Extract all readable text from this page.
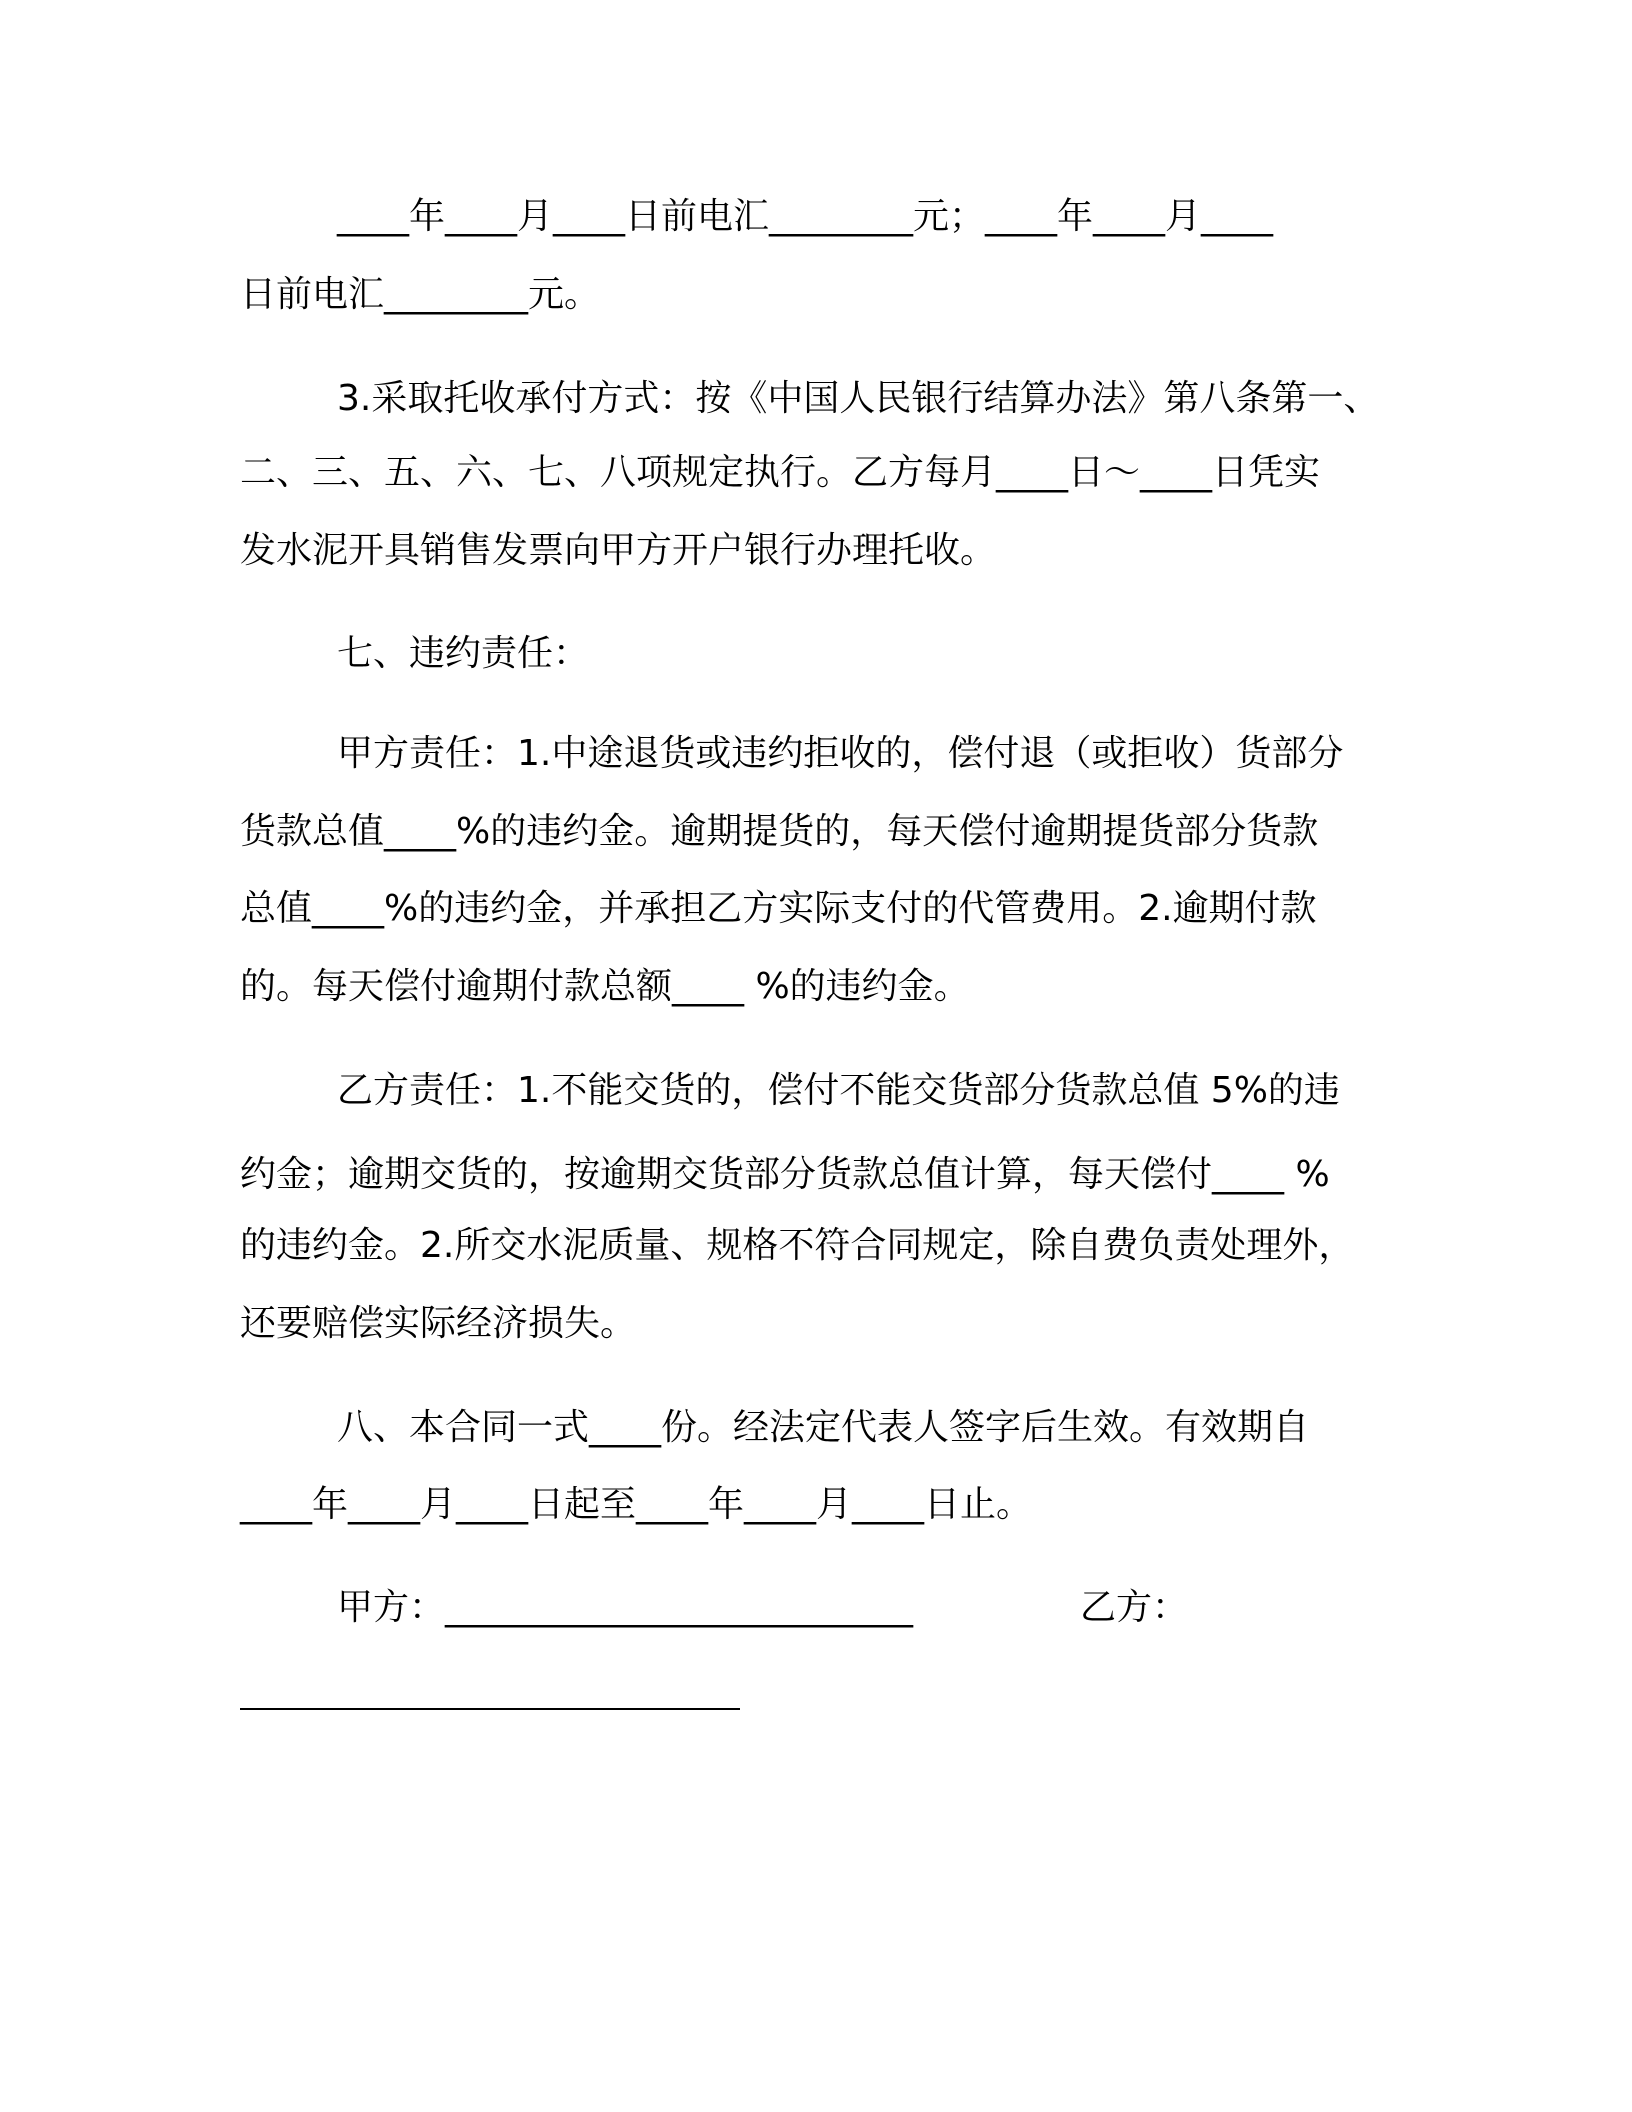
____年____月____日前电汇________元；____年____月____
日前电汇________元。
3.采取托收承付方式：按《中国人民银行结算办法》第八条第一、
二、三、五、六、七、八项规定执行。乙方每月____日～____日凭实
发水泥开具销售发票向甲方开户银行办理托收。
七、违约责任：
甲方责任：1.中途退货或违约拒收的，偿付退（或拒收）货部分
货款总值____%的违约金。逾期提货的，每天偿付逾期提货部分货款
总值____%的违约金，并承担乙方实际支付的代管费用。2.逾期付款
的。每天偿付逾期付款总额____ %的违约金。
乙方责任：1.不能交货的，偿付不能交货部分货款总值 5%的违
约金；逾期交货的，按逾期交货部分货款总值计算，每天偿付____ %
的违约金。2.所交水泥质量、规格不符合同规定，除自费负责处理外，
还要赔偿实际经济损失。
八、本合同一式____份。经法定代表人签字后生效。有效期自
____年____月____日起至____年____月____日止。
甲方：__________________________	乙方：
